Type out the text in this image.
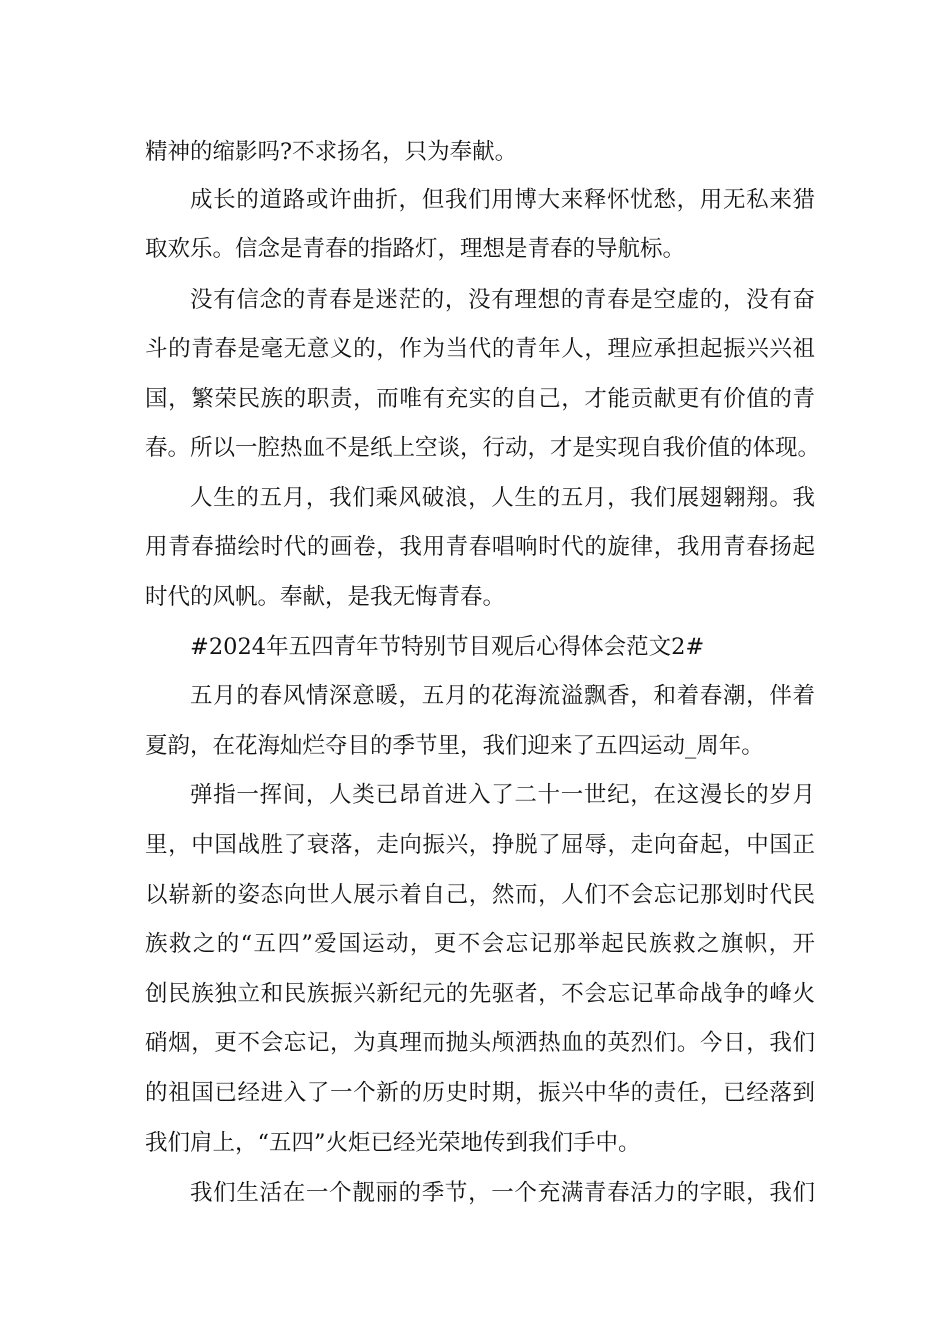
精神的缩影吗?不求扬名，只为奉献。

成长的道路或许曲折，但我们用博大来释怀忧愁，用无私来猎

取欢乐。信念是青春的指路灯，理想是青春的导航标。

没有信念的青春是迷茫的，没有理想的青春是空虚的，没有奋

斗的青春是毫无意义的，作为当代的青年人，理应承担起振兴兴祖

国，繁荣民族的职责，而唯有充实的自己，才能贡献更有价值的青

春。所以一腔热血不是纸上空谈，行动，才是实现自我价值的体现。

人生的五月，我们乘风破浪，人生的五月，我们展翅翱翔。我

用青春描绘时代的画卷，我用青春唱响时代的旋律，我用青春扬起

时代的风帆。奉献，是我无悔青春。

#2024年五四青年节特别节目观后心得体会范文2#

五月的春风情深意暖，五月的花海流溢飘香，和着春潮，伴着

夏韵，在花海灿烂夺目的季节里，我们迎来了五四运动_周年。

弹指一挥间，人类已昂首进入了二十一世纪，在这漫长的岁月

里，中国战胜了衰落，走向振兴，挣脱了屈辱，走向奋起，中国正

以崭新的姿态向世人展示着自己，然而，人们不会忘记那划时代民

族救之的“五四”爱国运动，更不会忘记那举起民族救之旗帜，开

创民族独立和民族振兴新纪元的先驱者，不会忘记革命战争的峰火

硝烟，更不会忘记，为真理而抛头颅洒热血的英烈们。今日，我们

的祖国已经进入了一个新的历史时期，振兴中华的责任，已经落到

我们肩上，“五四”火炬已经光荣地传到我们手中。

我们生活在一个靓丽的季节，一个充满青春活力的字眼，我们
